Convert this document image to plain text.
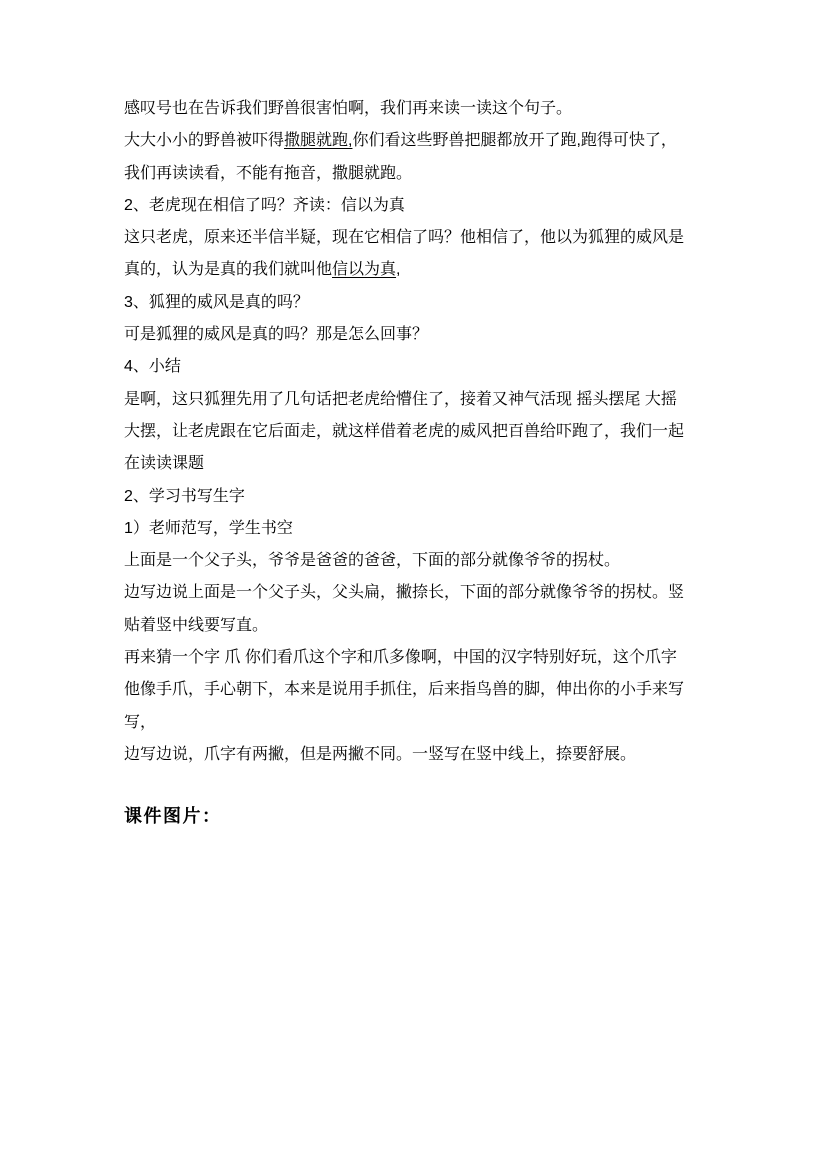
感叹号也在告诉我们野兽很害怕啊，我们再来读一读这个句子。
大大小小的野兽被吓得撒腿就跑,你们看这些野兽把腿都放开了跑,跑得可快了，
我们再读读看，不能有拖音，撒腿就跑。
2、老虎现在相信了吗？齐读：信以为真
这只老虎，原来还半信半疑，现在它相信了吗？他相信了，他以为狐狸的威风是
真的，认为是真的我们就叫他信以为真,
3、狐狸的威风是真的吗？
可是狐狸的威风是真的吗？那是怎么回事？
4、小结
是啊，这只狐狸先用了几句话把老虎给懵住了，接着又神气活现 摇头摆尾 大摇
大摆，让老虎跟在它后面走，就这样借着老虎的威风把百兽给吓跑了，我们一起
在读读课题
2、学习书写生字
1）老师范写，学生书空
上面是一个父子头，爷爷是爸爸的爸爸，下面的部分就像爷爷的拐杖。
边写边说上面是一个父子头，父头扁，撇捺长，下面的部分就像爷爷的拐杖。竖
贴着竖中线要写直。
再来猜一个字 爪 你们看爪这个字和爪多像啊，中国的汉字特别好玩，这个爪字
他像手爪，手心朝下，本来是说用手抓住，后来指鸟兽的脚，伸出你的小手来写
写，
边写边说，爪字有两撇，但是两撇不同。一竖写在竖中线上，捺要舒展。
课件图片：
